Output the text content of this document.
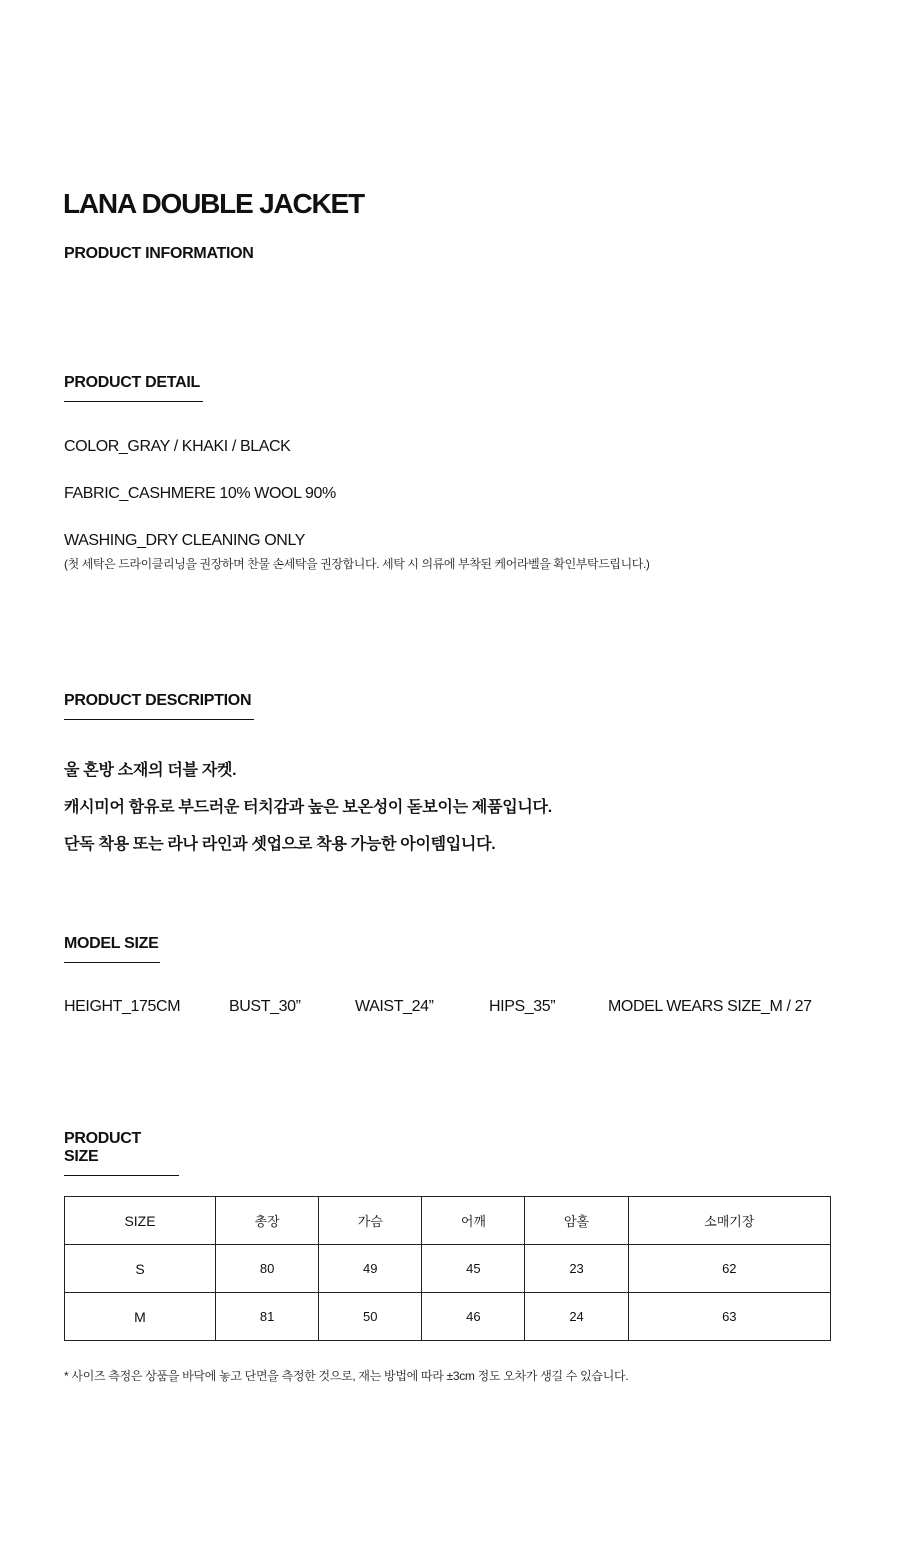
LANA DOUBLE JACKET
PRODUCT INFORMATION
PRODUCT DETAIL
COLOR_GRAY / KHAKI / BLACK
FABRIC_CASHMERE 10% WOOL 90%
WASHING_DRY CLEANING ONLY
(첫 세탁은 드라이클리닝을 권장하며 찬물 손세탁을 권장합니다. 세탁 시 의류에 부착된 케어라벨을 확인부탁드립니다.)
PRODUCT DESCRIPTION
울 혼방 소재의 더블 자켓.
캐시미어 함유로 부드러운 터치감과 높은 보온성이 돋보이는 제품입니다.
단독 착용 또는 라나 라인과 셋업으로 착용 가능한 아이템입니다.
MODEL SIZE
HEIGHT_175CM	BUST_30”	WAIST_24”	HIPS_35”	MODEL WEARS SIZE_M / 27
PRODUCT SIZE
SIZE	총장	가슴	어깨	암홀	소매기장
S	80	49	45	23	62
M	81	50	46	24	63
* 사이즈 측정은 상품을 바닥에 놓고 단면을 측정한 것으로, 재는 방법에 따라 ±3cm 정도 오차가 생길 수 있습니다.
